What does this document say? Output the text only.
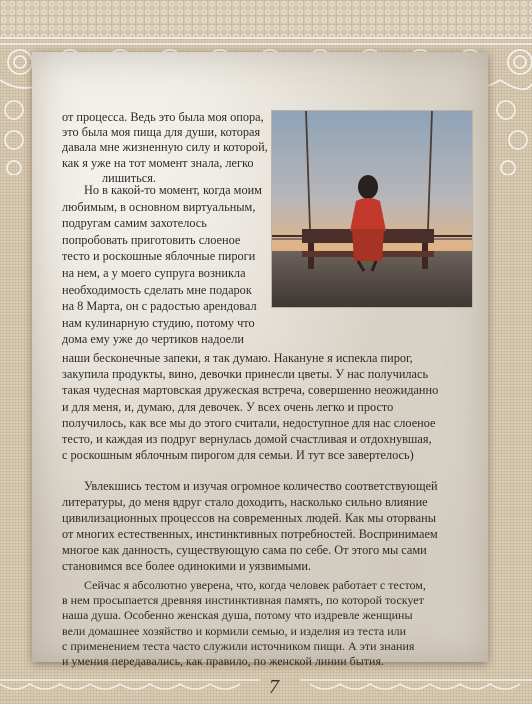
от процесса. Ведь это была моя опора,
это была моя пища для души, которая
давала мне жизненную силу и которой,
как я уже на тот момент знала, легко
лишиться.

Но в какой-то момент, когда моим
любимым, в основном виртуальным,
подругам самим захотелось
попробовать приготовить слоеное
тесто и роскошные яблочные пироги
на нем, а у моего супруга возникла
необходимость сделать мне подарок
на 8 Марта, он с радостью арендовал
нам кулинарную студию, потому что
дома ему уже до чертиков надоели

наши бесконечные запеки, я так думаю. Накануне я испекла пирог,
закупила продукты, вино, девочки принесли цветы. У нас получилась
такая чудесная мартовская дружеская встреча, совершенно неожиданно
и для меня, и, думаю, для девочек. У всех очень легко и просто
получилось, как все мы до этого считали, недоступное для нас слоеное
тесто, и каждая из подруг вернулась домой счастливая и отдохнувшая,
с роскошным яблочным пирогом для семьи. И тут все завертелось)

Увлекшись тестом и изучая огромное количество соответствующей
литературы, до меня вдруг стало доходить, насколько сильно влияние
цивилизационных процессов на современных людей. Как мы оторваны
от многих естественных, инстинктивных потребностей. Воспринимаем
многое как данность, существующую сама по себе. От этого мы сами
становимся все более одинокими и уязвимыми.

Сейчас я абсолютно уверена, что, когда человек работает с тестом,
в нем просыпается древняя инстинктивная память, по которой тоскует
наша душа. Особенно женская душа, потому что издревле женщины
вели домашнее хозяйство и кормили семью, и изделия из теста или
с применением теста часто служили источником пищи. А эти знания
и умения передавались, как правило, по женской линии бытия.

7
